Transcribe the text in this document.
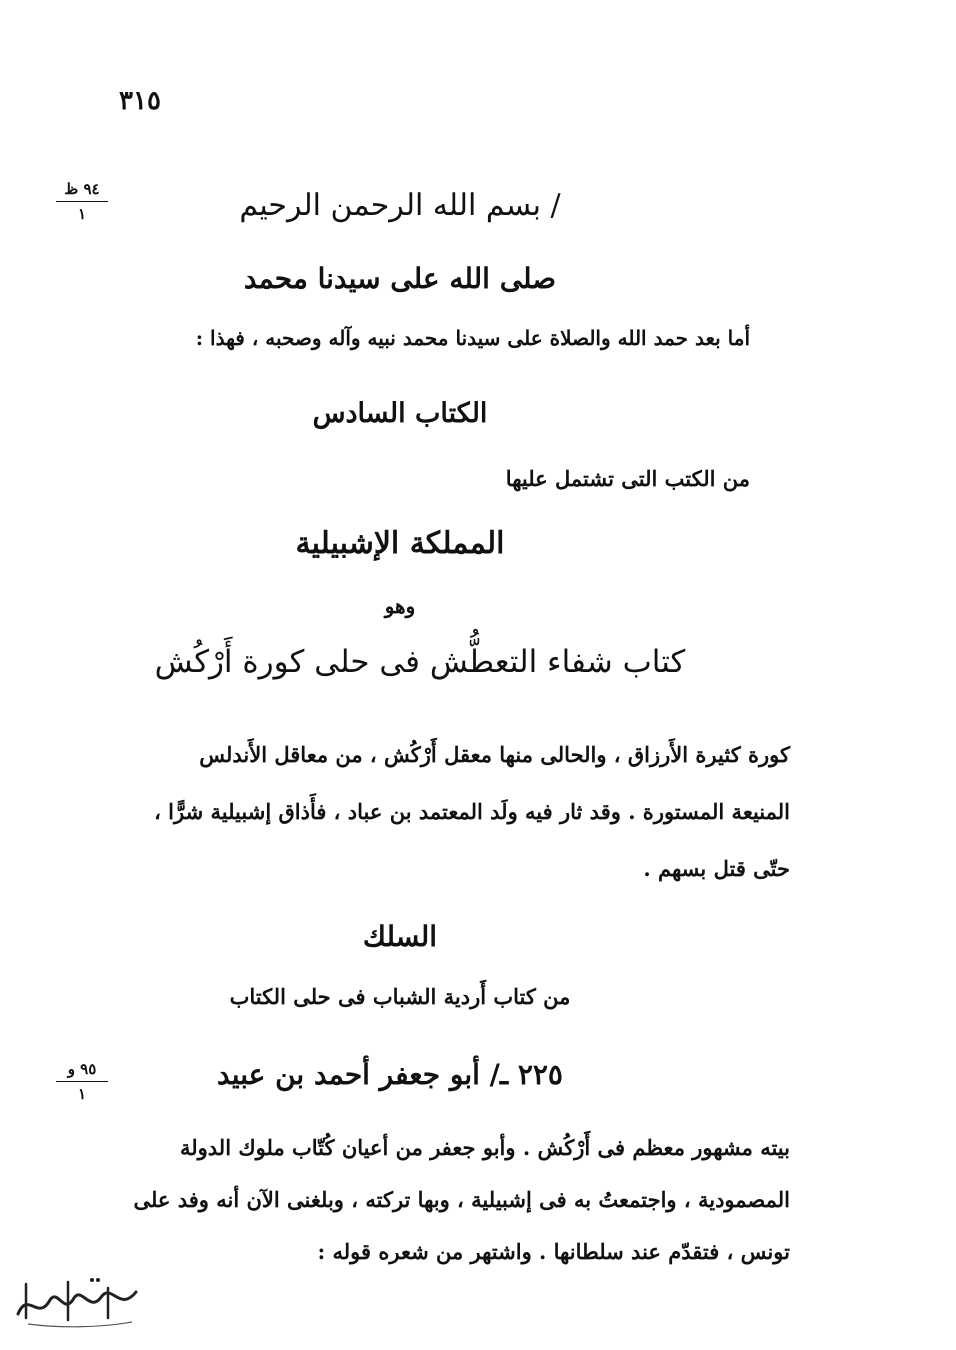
٣١٥
٩٤ ظ
١	/ بسم الله الرحمن الرحيم
صلى الله على سيدنا محمد
أما بعد حمد الله والصلاة على سيدنا محمد نبيه وآله وصحبه ، فهذا :
الكتاب السادس
من الكتب التى تشتمل عليها
المملكة الإشبيلية
وهو
كتاب شفاء التعطُّش فى حلى كورة أَرْكُش
كورة كثيرة الأَرزاق ، والحالى منها معقل أَرْكُش ، من معاقل الأَندلس
المنيعة المستورة . وقد ثار فيه ولَد المعتمد بن عباد ، فأَذاق إشبيلية شرًّا ،
حتّى قتل بسهم .
السلك
من كتاب أَردية الشباب فى حلى الكتاب
٩٥ و
١
٢٢٥ ـ/ أبو جعفر أحمد بن عبيد
بيته مشهور معظم فى أَرْكُش . وأبو جعفر من أعيان كُتّاب ملوك الدولة
المصمودية ، واجتمعتُ به فى إشبيلية ، وبها تركته ، وبلغنى الآن أنه وفد على
تونس ، فتقدّم عند سلطانها . واشتهر من شعره قوله :
